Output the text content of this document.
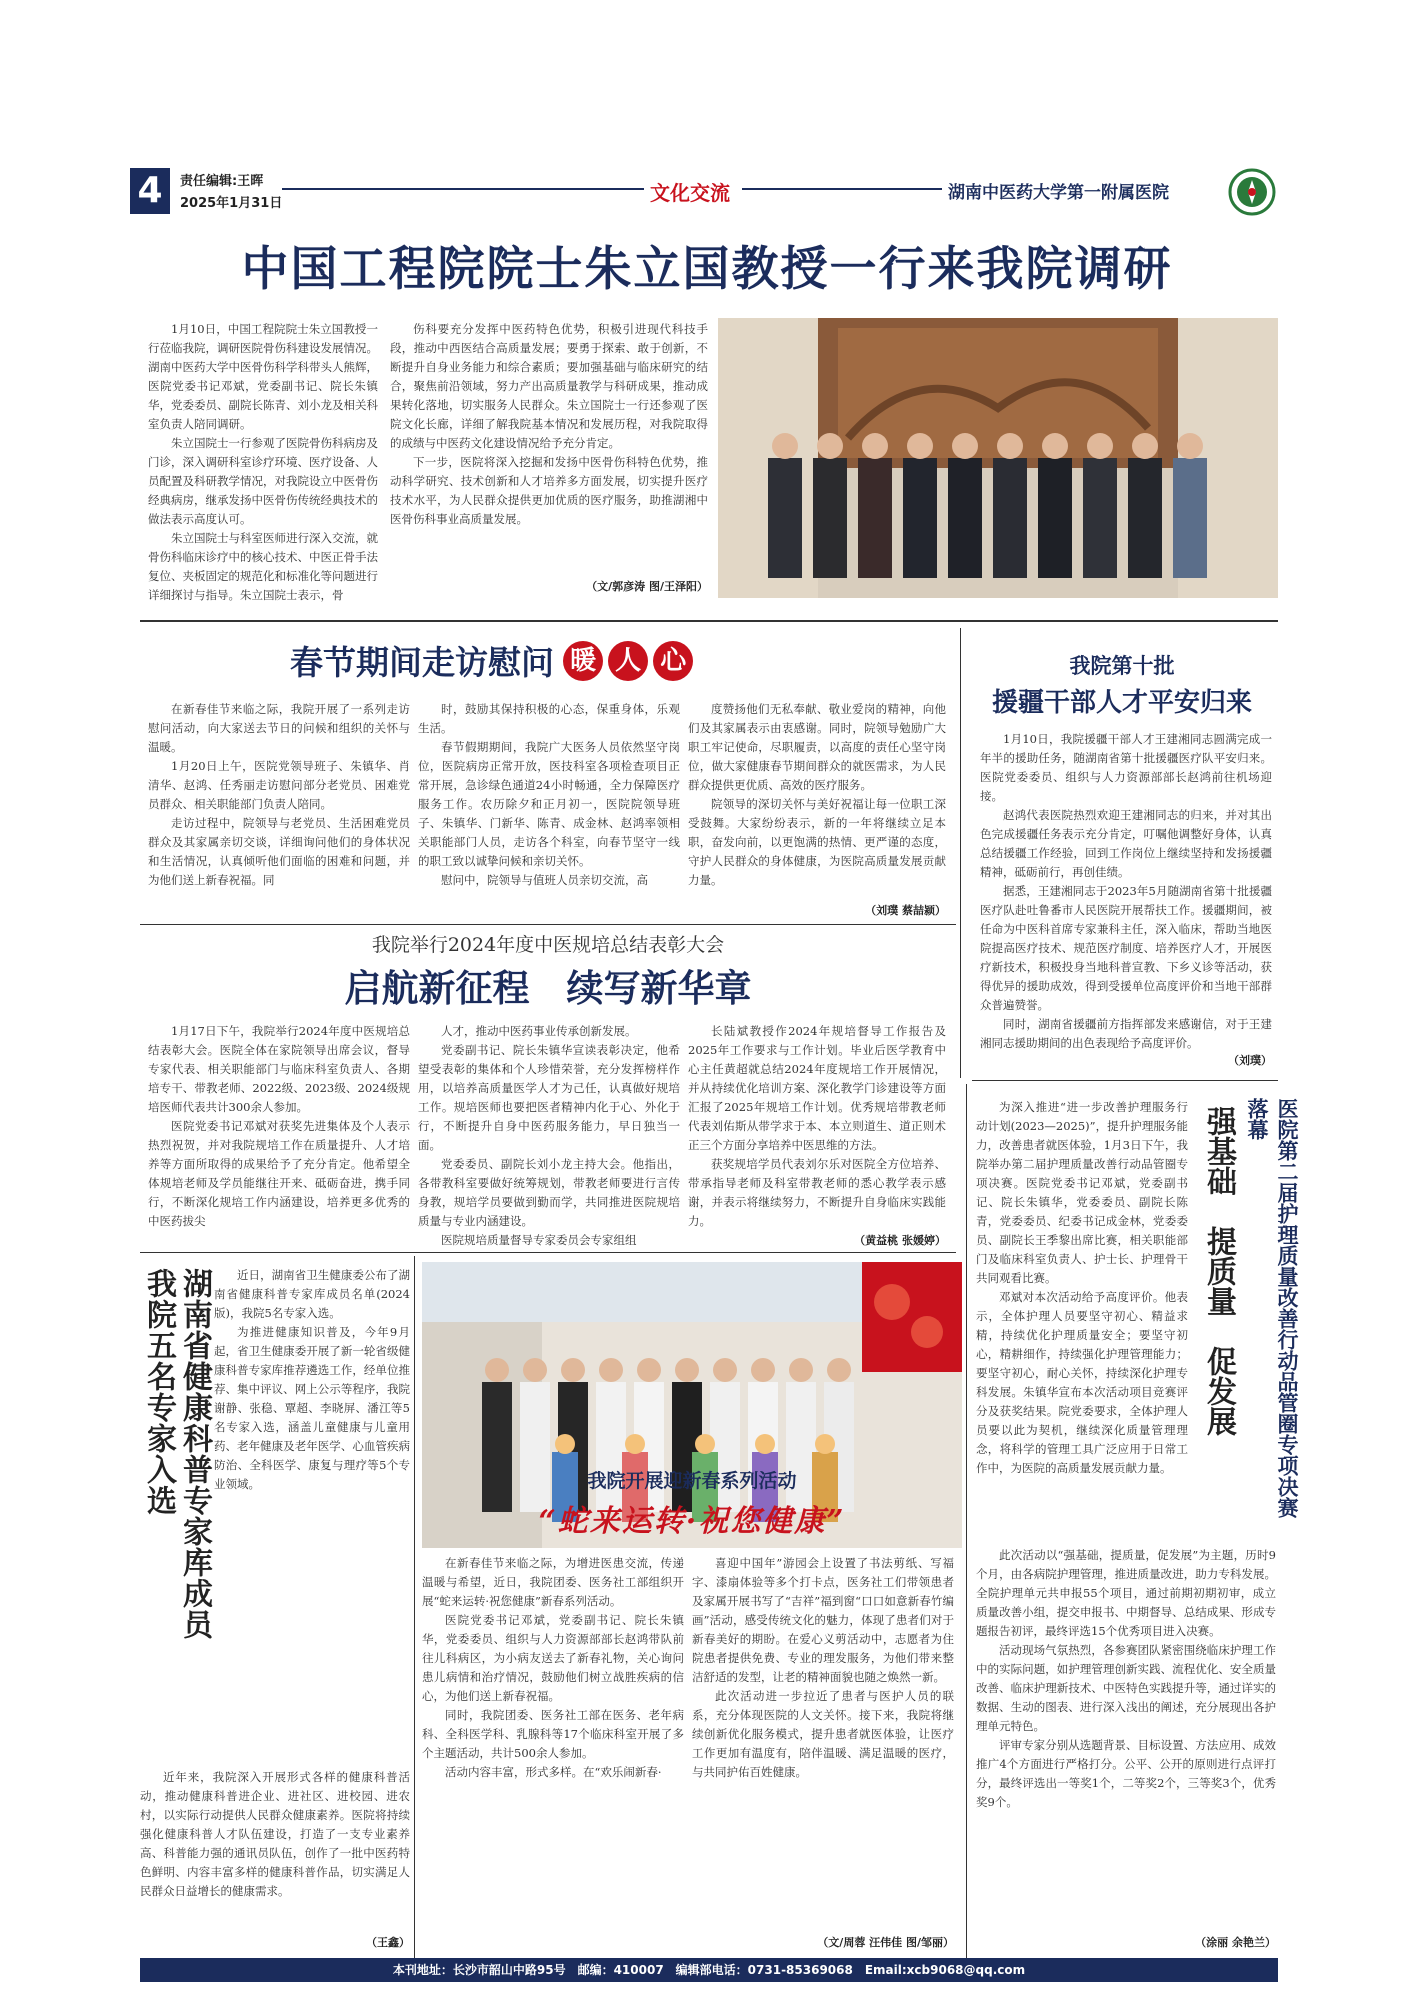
4	责任编辑:王晖
2025年1月31日	文化交流	湖南中医药大学第一附属医院
中国工程院院士朱立国教授一行来我院调研

1月10日，中国工程院院士朱立国教授一行莅临我院，调研医院骨伤科建设发展情况。湖南中医药大学中医骨伤科学科带头人熊辉，医院党委书记邓斌，党委副书记、院长朱镇华，党委委员、副院长陈青、刘小龙及相关科室负责人陪同调研。

朱立国院士一行参观了医院骨伤科病房及门诊，深入调研科室诊疗环境、医疗设备、人员配置及科研教学情况，对我院设立中医骨伤经典病房，继承发扬中医骨伤传统经典技术的做法表示高度认可。

朱立国院士与科室医师进行深入交流，就骨伤科临床诊疗中的核心技术、中医正骨手法复位、夹板固定的规范化和标准化等问题进行详细探讨与指导。朱立国院士表示，骨

伤科要充分发挥中医药特色优势，积极引进现代科技手段，推动中西医结合高质量发展；要勇于探索、敢于创新，不断提升自身业务能力和综合素质；要加强基础与临床研究的结合，聚焦前沿领域，努力产出高质量教学与科研成果，推动成果转化落地，切实服务人民群众。朱立国院士一行还参观了医院文化长廊，详细了解我院基本情况和发展历程，对我院取得的成绩与中医药文化建设情况给予充分肯定。

下一步，医院将深入挖掘和发扬中医骨伤科特色优势，推动科学研究、技术创新和人才培养多方面发展，切实提升医疗技术水平，为人民群众提供更加优质的医疗服务，助推湖湘中医骨伤科事业高质量发展。

（文/郭彦涛 图/王泽阳）
春节期间走访慰问 暖 人 心

在新春佳节来临之际，我院开展了一系列走访慰问活动，向大家送去节日的问候和组织的关怀与温暖。

1月20日上午，医院党领导班子、朱镇华、肖清华、赵鸿、任秀丽走访慰问部分老党员、困难党员群众、相关职能部门负责人陪同。

走访过程中，院领导与老党员、生活困难党员群众及其家属亲切交谈，详细询问他们的身体状况和生活情况，认真倾听他们面临的困难和问题，并为他们送上新春祝福。同

时，鼓励其保持积极的心态，保重身体，乐观生活。

春节假期期间，我院广大医务人员依然坚守岗位，医院病房正常开放，医技科室各项检查项目正常开展，急诊绿色通道24小时畅通，全力保障医疗服务工作。农历除夕和正月初一，医院院领导班子、朱镇华、门新华、陈青、成金林、赵鸿率领相关职能部门人员，走访各个科室，向春节坚守一线的职工致以诚挚问候和亲切关怀。

慰问中，院领导与值班人员亲切交流，高

度赞扬他们无私奉献、敬业爱岗的精神，向他们及其家属表示由衷感谢。同时，院领导勉励广大职工牢记使命，尽职履责，以高度的责任心坚守岗位，做大家健康春节期间群众的就医需求，为人民群众提供更优质、高效的医疗服务。

院领导的深切关怀与美好祝福让每一位职工深受鼓舞。大家纷纷表示，新的一年将继续立足本职，奋发向前，以更饱满的热情、更严谨的态度，守护人民群众的身体健康，为医院高质量发展贡献力量。

（刘璞 蔡喆颍）
我院第十批
援疆干部人才平安归来

1月10日，我院援疆干部人才王建湘同志圆满完成一年半的援助任务，随湖南省第十批援疆医疗队平安归来。医院党委委员、组织与人力资源部部长赵鸿前往机场迎接。

赵鸿代表医院热烈欢迎王建湘同志的归来，并对其出色完成援疆任务表示充分肯定，叮嘱他调整好身体，认真总结援疆工作经验，回到工作岗位上继续坚持和发扬援疆精神，砥砺前行，再创佳绩。

据悉，王建湘同志于2023年5月随湖南省第十批援疆医疗队赴吐鲁番市人民医院开展帮扶工作。援疆期间，被任命为中医科首席专家兼科主任，深入临床，帮助当地医院提高医疗技术、规范医疗制度、培养医疗人才，开展医疗新技术，积极投身当地科普宣教、下乡义诊等活动，获得优异的援助成效，得到受援单位高度评价和当地干部群众普遍赞誉。

同时，湖南省援疆前方指挥部发来感谢信，对于王建湘同志援助期间的出色表现给予高度评价。

（刘璞）
我院举行2024年度中医规培总结表彰大会
启航新征程　续写新华章

1月17日下午，我院举行2024年度中医规培总结表彰大会。医院全体在家院领导出席会议，督导专家代表、相关职能部门与临床科室负责人、各期培专干、带教老师、2022级、2023级、2024级规培医师代表共计300余人参加。

医院党委书记邓斌对获奖先进集体及个人表示热烈祝贺，并对我院规培工作在质量提升、人才培养等方面所取得的成果给予了充分肯定。他希望全体规培老师及学员能继往开来、砥砺奋进，携手同行，不断深化规培工作内涵建设，培养更多优秀的中医药拔尖

人才，推动中医药事业传承创新发展。

党委副书记、院长朱镇华宣读表彰决定，他希望受表彰的集体和个人珍惜荣誉，充分发挥榜样作用，以培养高质量医学人才为己任，认真做好规培工作。规培医师也要把医者精神内化于心、外化于行，不断提升自身中医药服务能力，早日独当一面。

党委委员、副院长刘小龙主持大会。他指出，各带教科室要做好统筹规划，带教老师要进行言传身教，规培学员要做到勤而学，共同推进医院规培质量与专业内涵建设。

医院规培质量督导专家委员会专家组组

长陆斌教授作2024年规培督导工作报告及2025年工作要求与工作计划。毕业后医学教育中心主任黄超就总结2024年度规培工作开展情况，并从持续优化培训方案、深化教学门诊建设等方面汇报了2025年规培工作计划。优秀规培带教老师代表刘佑斯从带学求于本、本立则道生、道正则术正三个方面分享培养中医思维的方法。

获奖规培学员代表刘尔乐对医院全方位培养、带承指导老师及科室带教老师的悉心教学表示感谢，并表示将继续努力，不断提升自身临床实践能力。

（黄益桃 张媛婷）
湖南省健康科普专家库成员
我院五名专家入选	近日，湖南省卫生健康委公布了湖南省健康科普专家库成员名单(2024版)，我院5名专家入选。

为推进健康知识普及，今年9月起，省卫生健康委开展了新一轮省级健康科普专家库推荐遴选工作，经单位推荐、集中评议、网上公示等程序，我院谢静、张稳、覃超、李晓屏、潘江等5名专家入选，涵盖儿童健康与儿童用药、老年健康及老年医学、心血管疾病防治、全科医学、康复与理疗等5个专业领域。

近年来，我院深入开展形式各样的健康科普活动，推动健康科普进企业、进社区、进校园、进农村，以实际行动提供人民群众健康素养。医院将持续强化健康科普人才队伍建设，打造了一支专业素养高、科普能力强的通讯员队伍，创作了一批中医药特色鲜明、内容丰富多样的健康科普作品，切实满足人民群众日益增长的健康需求。

（王鑫）
我院开展迎新春系列活动
“蛇来运转·祝您健康”

在新春佳节来临之际，为增进医患交流，传递温暖与希望，近日，我院团委、医务社工部组织开展“蛇来运转·祝您健康”新春系列活动。

医院党委书记邓斌，党委副书记、院长朱镇华，党委委员、组织与人力资源部部长赵鸿带队前往儿科病区，为小病友送去了新春礼物，关心询问患儿病情和治疗情况，鼓励他们树立战胜疾病的信心，为他们送上新春祝福。

同时，我院团委、医务社工部在医务、老年病科、全科医学科、乳腺科等17个临床科室开展了多个主题活动，共计500余人参加。

活动内容丰富，形式多样。在“欢乐闹新春·

喜迎中国年”游园会上设置了书法剪纸、写福字、漆扇体验等多个打卡点，医务社工们带领患者及家属开展书写了“吉祥”福到窗“口口如意新春竹编画”活动，感受传统文化的魅力，体现了患者们对于新春美好的期盼。在爱心义剪活动中，志愿者为住院患者提供免费、专业的理发服务，为他们带来整洁舒适的发型，让老的精神面貌也随之焕然一新。

此次活动进一步拉近了患者与医护人员的联系，充分体现医院的人文关怀。接下来，我院将继续创新优化服务模式，提升患者就医体验，让医疗工作更加有温度有，陪伴温暖、满足温暖的医疗，与共同护佑百姓健康。

（文/周蓉 汪伟佳 图/邹丽）
医院第二届护理质量改善行动品管圈专项决赛落幕
强基础　提质量　促发展

为深入推进“进一步改善护理服务行动计划(2023—2025)”，提升护理服务能力，改善患者就医体验，1月3日下午，我院举办第二届护理质量改善行动品管圈专项决赛。医院党委书记邓斌，党委副书记、院长朱镇华，党委委员、副院长陈青，党委委员、纪委书记成金林，党委委员、副院长王季黎出席比赛，相关职能部门及临床科室负责人、护士长、护理骨干共同观看比赛。

邓斌对本次活动给予高度评价。他表示，全体护理人员要坚守初心、精益求精，持续优化护理质量安全；要坚守初心，精耕细作，持续强化护理管理能力；要坚守初心，耐心关怀，持续深化护理专科发展。朱镇华宣布本次活动项目竞赛评分及获奖结果。院党委要求，全体护理人员要以此为契机，继续深化质量管理理念，将科学的管理工具广泛应用于日常工作中，为医院的高质量发展贡献力量。

此次活动以“强基础，提质量，促发展”为主题，历时9个月，由各病院护理管理，推进质量改进，助力专科发展。全院护理单元共申报55个项目，通过前期初期初审，成立质量改善小组，提交申报书、中期督导、总结成果、形成专题报告初评，最终评选15个优秀项目进入决赛。

活动现场气氛热烈，各参赛团队紧密围绕临床护理工作中的实际问题，如护理管理创新实践、流程优化、安全质量改善、临床护理新技术、中医特色实践提升等，通过详实的数据、生动的图表、进行深入浅出的阐述，充分展现出各护理单元特色。

评审专家分别从选题背景、目标设置、方法应用、成效推广4个方面进行严格打分。公平、公开的原则进行点评打分，最终评选出一等奖1个，二等奖2个，三等奖3个，优秀奖9个。

（涂丽 余艳兰）
本刊地址：长沙市韶山中路95号　邮编：410007　编辑部电话：0731-85369068　Email:xcb9068@qq.com
